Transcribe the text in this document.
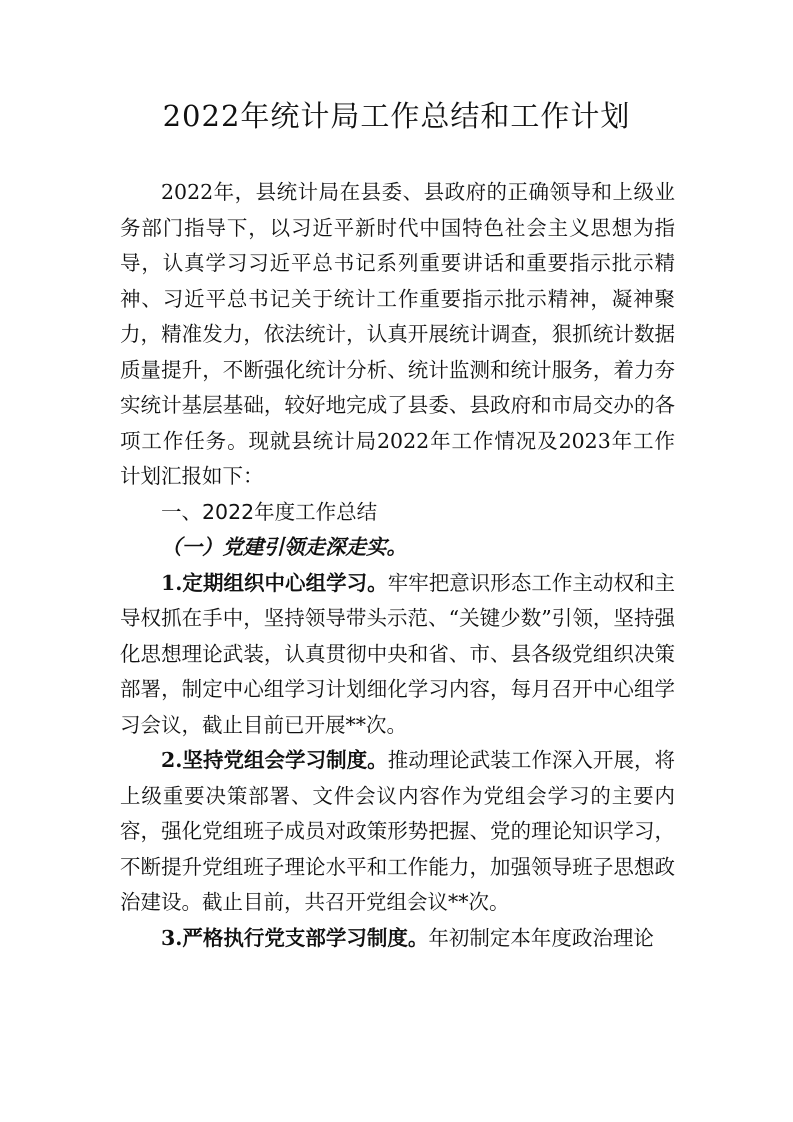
2022年统计局工作总结和工作计划

2022年，县统计局在县委、县政府的正确领导和上级业务部门指导下，以习近平新时代中国特色社会主义思想为指导，认真学习习近平总书记系列重要讲话和重要指示批示精神、习近平总书记关于统计工作重要指示批示精神，凝神聚力，精准发力，依法统计，认真开展统计调查，狠抓统计数据质量提升，不断强化统计分析、统计监测和统计服务，着力夯实统计基层基础，较好地完成了县委、县政府和市局交办的各项工作任务。现就县统计局2022年工作情况及2023年工作计划汇报如下：

一、2022年度工作总结

（一）党建引领走深走实。

1.定期组织中心组学习。牢牢把意识形态工作主动权和主导权抓在手中，坚持领导带头示范、“关键少数”引领，坚持强化思想理论武装，认真贯彻中央和省、市、县各级党组织决策部署，制定中心组学习计划细化学习内容，每月召开中心组学习会议，截止目前已开展**次。

2.坚持党组会学习制度。推动理论武装工作深入开展，将上级重要决策部署、文件会议内容作为党组会学习的主要内容，强化党组班子成员对政策形势把握、党的理论知识学习，不断提升党组班子理论水平和工作能力，加强领导班子思想政治建设。截止目前，共召开党组会议**次。

3.严格执行党支部学习制度。年初制定本年度政治理论
